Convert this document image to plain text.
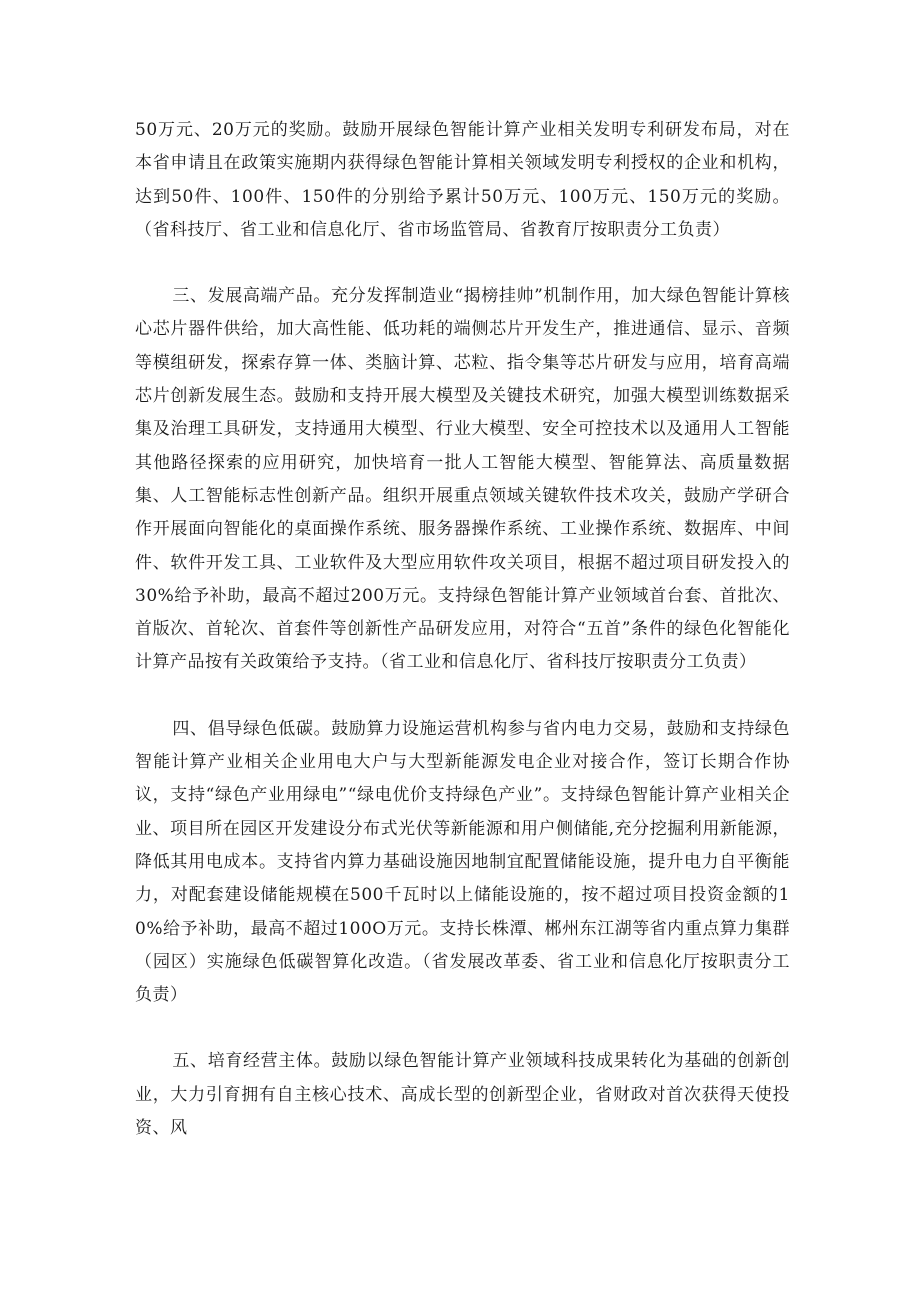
50万元、20万元的奖励。鼓励开展绿色智能计算产业相关发明专利研发布局，对在本省申请且在政策实施期内获得绿色智能计算相关领域发明专利授权的企业和机构，达到50件、100件、150件的分别给予累计50万元、100万元、150万元的奖励。（省科技厅、省工业和信息化厅、省市场监管局、省教育厅按职责分工负责）

三、发展高端产品。充分发挥制造业“揭榜挂帅”机制作用，加大绿色智能计算核心芯片器件供给，加大高性能、低功耗的端侧芯片开发生产，推进通信、显示、音频等模组研发，探索存算一体、类脑计算、芯粒、指令集等芯片研发与应用，培育高端芯片创新发展生态。鼓励和支持开展大模型及关键技术研究，加强大模型训练数据采集及治理工具研发，支持通用大模型、行业大模型、安全可控技术以及通用人工智能其他路径探索的应用研究，加快培育一批人工智能大模型、智能算法、高质量数据集、人工智能标志性创新产品。组织开展重点领域关键软件技术攻关，鼓励产学研合作开展面向智能化的桌面操作系统、服务器操作系统、工业操作系统、数据库、中间件、软件开发工具、工业软件及大型应用软件攻关项目，根据不超过项目研发投入的30%给予补助，最高不超过200万元。支持绿色智能计算产业领域首台套、首批次、首版次、首轮次、首套件等创新性产品研发应用，对符合“五首”条件的绿色化智能化计算产品按有关政策给予支持。（省工业和信息化厅、省科技厅按职责分工负责）

四、倡导绿色低碳。鼓励算力设施运营机构参与省内电力交易，鼓励和支持绿色智能计算产业相关企业用电大户与大型新能源发电企业对接合作，签订长期合作协议，支持“绿色产业用绿电”“绿电优价支持绿色产业”。支持绿色智能计算产业相关企业、项目所在园区开发建设分布式光伏等新能源和用户侧储能,充分挖掘利用新能源，降低其用电成本。支持省内算力基础设施因地制宜配置储能设施，提升电力自平衡能力，对配套建设储能规模在500千瓦时以上储能设施的，按不超过项目投资金额的10%给予补助，最高不超过100O万元。支持长株潭、郴州东江湖等省内重点算力集群（园区）实施绿色低碳智算化改造。（省发展改革委、省工业和信息化厅按职责分工负责）

五、培育经营主体。鼓励以绿色智能计算产业领域科技成果转化为基础的创新创业，大力引育拥有自主核心技术、高成长型的创新型企业，省财政对首次获得天使投资、风
